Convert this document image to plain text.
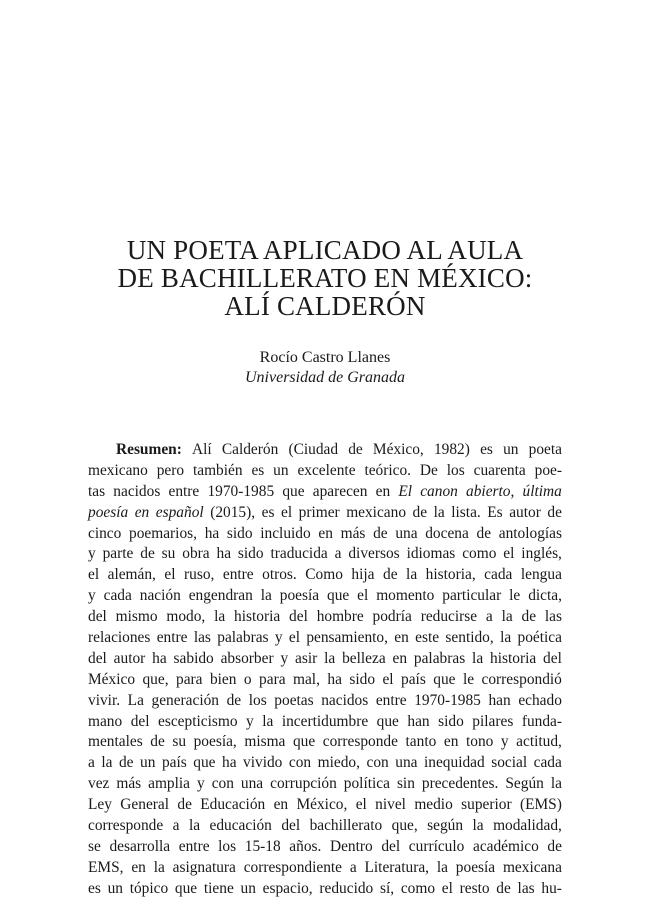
UN POETA APLICADO AL AULA
DE BACHILLERATO EN MÉXICO:
ALÍ CALDERÓN
Rocío Castro Llanes
Universidad de Granada
Resumen: Alí Calderón (Ciudad de México, 1982) es un poeta
mexicano pero también es un excelente teórico. De los cuarenta poe-
tas nacidos entre 1970-1985 que aparecen en El canon abierto, última
poesía en español (2015), es el primer mexicano de la lista. Es autor de
cinco poemarios, ha sido incluido en más de una docena de antologías
y parte de su obra ha sido traducida a diversos idiomas como el inglés,
el alemán, el ruso, entre otros. Como hija de la historia, cada lengua
y cada nación engendran la poesía que el momento particular le dicta,
del mismo modo, la historia del hombre podría reducirse a la de las
relaciones entre las palabras y el pensamiento, en este sentido, la poética
del autor ha sabido absorber y asir la belleza en palabras la historia del
México que, para bien o para mal, ha sido el país que le correspondió
vivir. La generación de los poetas nacidos entre 1970-1985 han echado
mano del escepticismo y la incertidumbre que han sido pilares funda-
mentales de su poesía, misma que corresponde tanto en tono y actitud,
a la de un país que ha vivido con miedo, con una inequidad social cada
vez más amplia y con una corrupción política sin precedentes. Según la
Ley General de Educación en México, el nivel medio superior (EMS)
corresponde a la educación del bachillerato que, según la modalidad,
se desarrolla entre los 15-18 años. Dentro del currículo académico de
EMS, en la asignatura correspondiente a Literatura, la poesía mexicana
es un tópico que tiene un espacio, reducido sí, como el resto de las hu-
